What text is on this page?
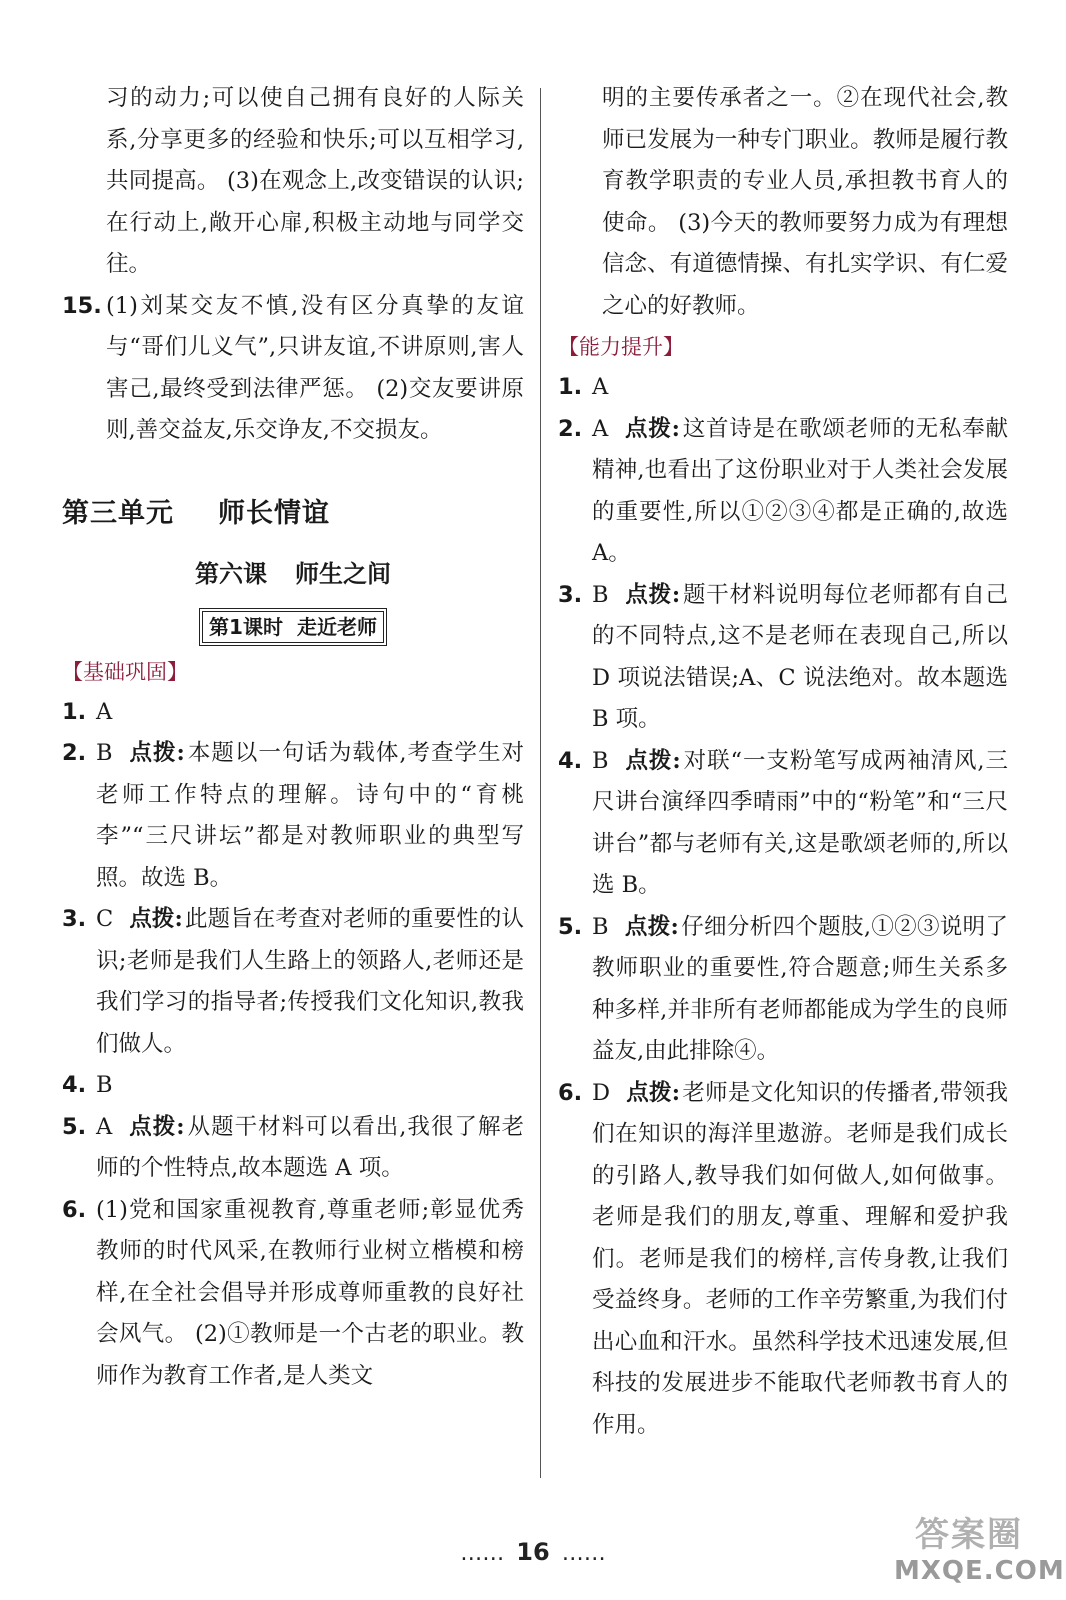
习的动力;可以使自己拥有良好的人际关系,分享更多的经验和快乐;可以互相学习,共同提高。 (3)在观念上,改变错误的认识;在行动上,敞开心扉,积极主动地与同学交往。
15. (1)刘某交友不慎,没有区分真挚的友谊与“哥们儿义气”,只讲友谊,不讲原则,害人害己,最终受到法律严惩。 (2)交友要讲原则,善交益友,乐交诤友,不交损友。
第三单元 师长情谊
第六课 师生之间
第1课时 走近老师
【基础巩固】
1. A
2. B 点拨:本题以一句话为载体,考查学生对老师工作特点的理解。诗句中的“育桃李”“三尺讲坛”都是对教师职业的典型写照。故选 B。
3. C 点拨:此题旨在考查对老师的重要性的认识;老师是我们人生路上的领路人,老师还是我们学习的指导者;传授我们文化知识,教我们做人。
4. B
5. A 点拨:从题干材料可以看出,我很了解老师的个性特点,故本题选 A 项。
6. (1)党和国家重视教育,尊重老师;彰显优秀教师的时代风采,在教师行业树立楷模和榜样,在全社会倡导并形成尊师重教的良好社会风气。 (2)①教师是一个古老的职业。教师作为教育工作者,是人类文
明的主要传承者之一。②在现代社会,教师已发展为一种专门职业。教师是履行教育教学职责的专业人员,承担教书育人的使命。 (3)今天的教师要努力成为有理想信念、有道德情操、有扎实学识、有仁爱之心的好教师。
【能力提升】
1. A
2. A 点拨:这首诗是在歌颂老师的无私奉献精神,也看出了这份职业对于人类社会发展的重要性,所以①②③④都是正确的,故选 A。
3. B 点拨:题干材料说明每位老师都有自己的不同特点,这不是老师在表现自己,所以 D 项说法错误;A、C 说法绝对。故本题选 B 项。
4. B 点拨:对联“一支粉笔写成两袖清风,三尺讲台演绎四季晴雨”中的“粉笔”和“三尺讲台”都与老师有关,这是歌颂老师的,所以选 B。
5. B 点拨:仔细分析四个题肢,①②③说明了教师职业的重要性,符合题意;师生关系多种多样,并非所有老师都能成为学生的良师益友,由此排除④。
6. D 点拨:老师是文化知识的传播者,带领我们在知识的海洋里遨游。老师是我们成长的引路人,教导我们如何做人,如何做事。老师是我们的朋友,尊重、理解和爱护我们。老师是我们的榜样,言传身教,让我们受益终身。老师的工作辛劳繁重,为我们付出心血和汗水。虽然科学技术迅速发展,但科技的发展进步不能取代老师教书育人的作用。
…… 16 ……	答案圈
MXQE.COM
